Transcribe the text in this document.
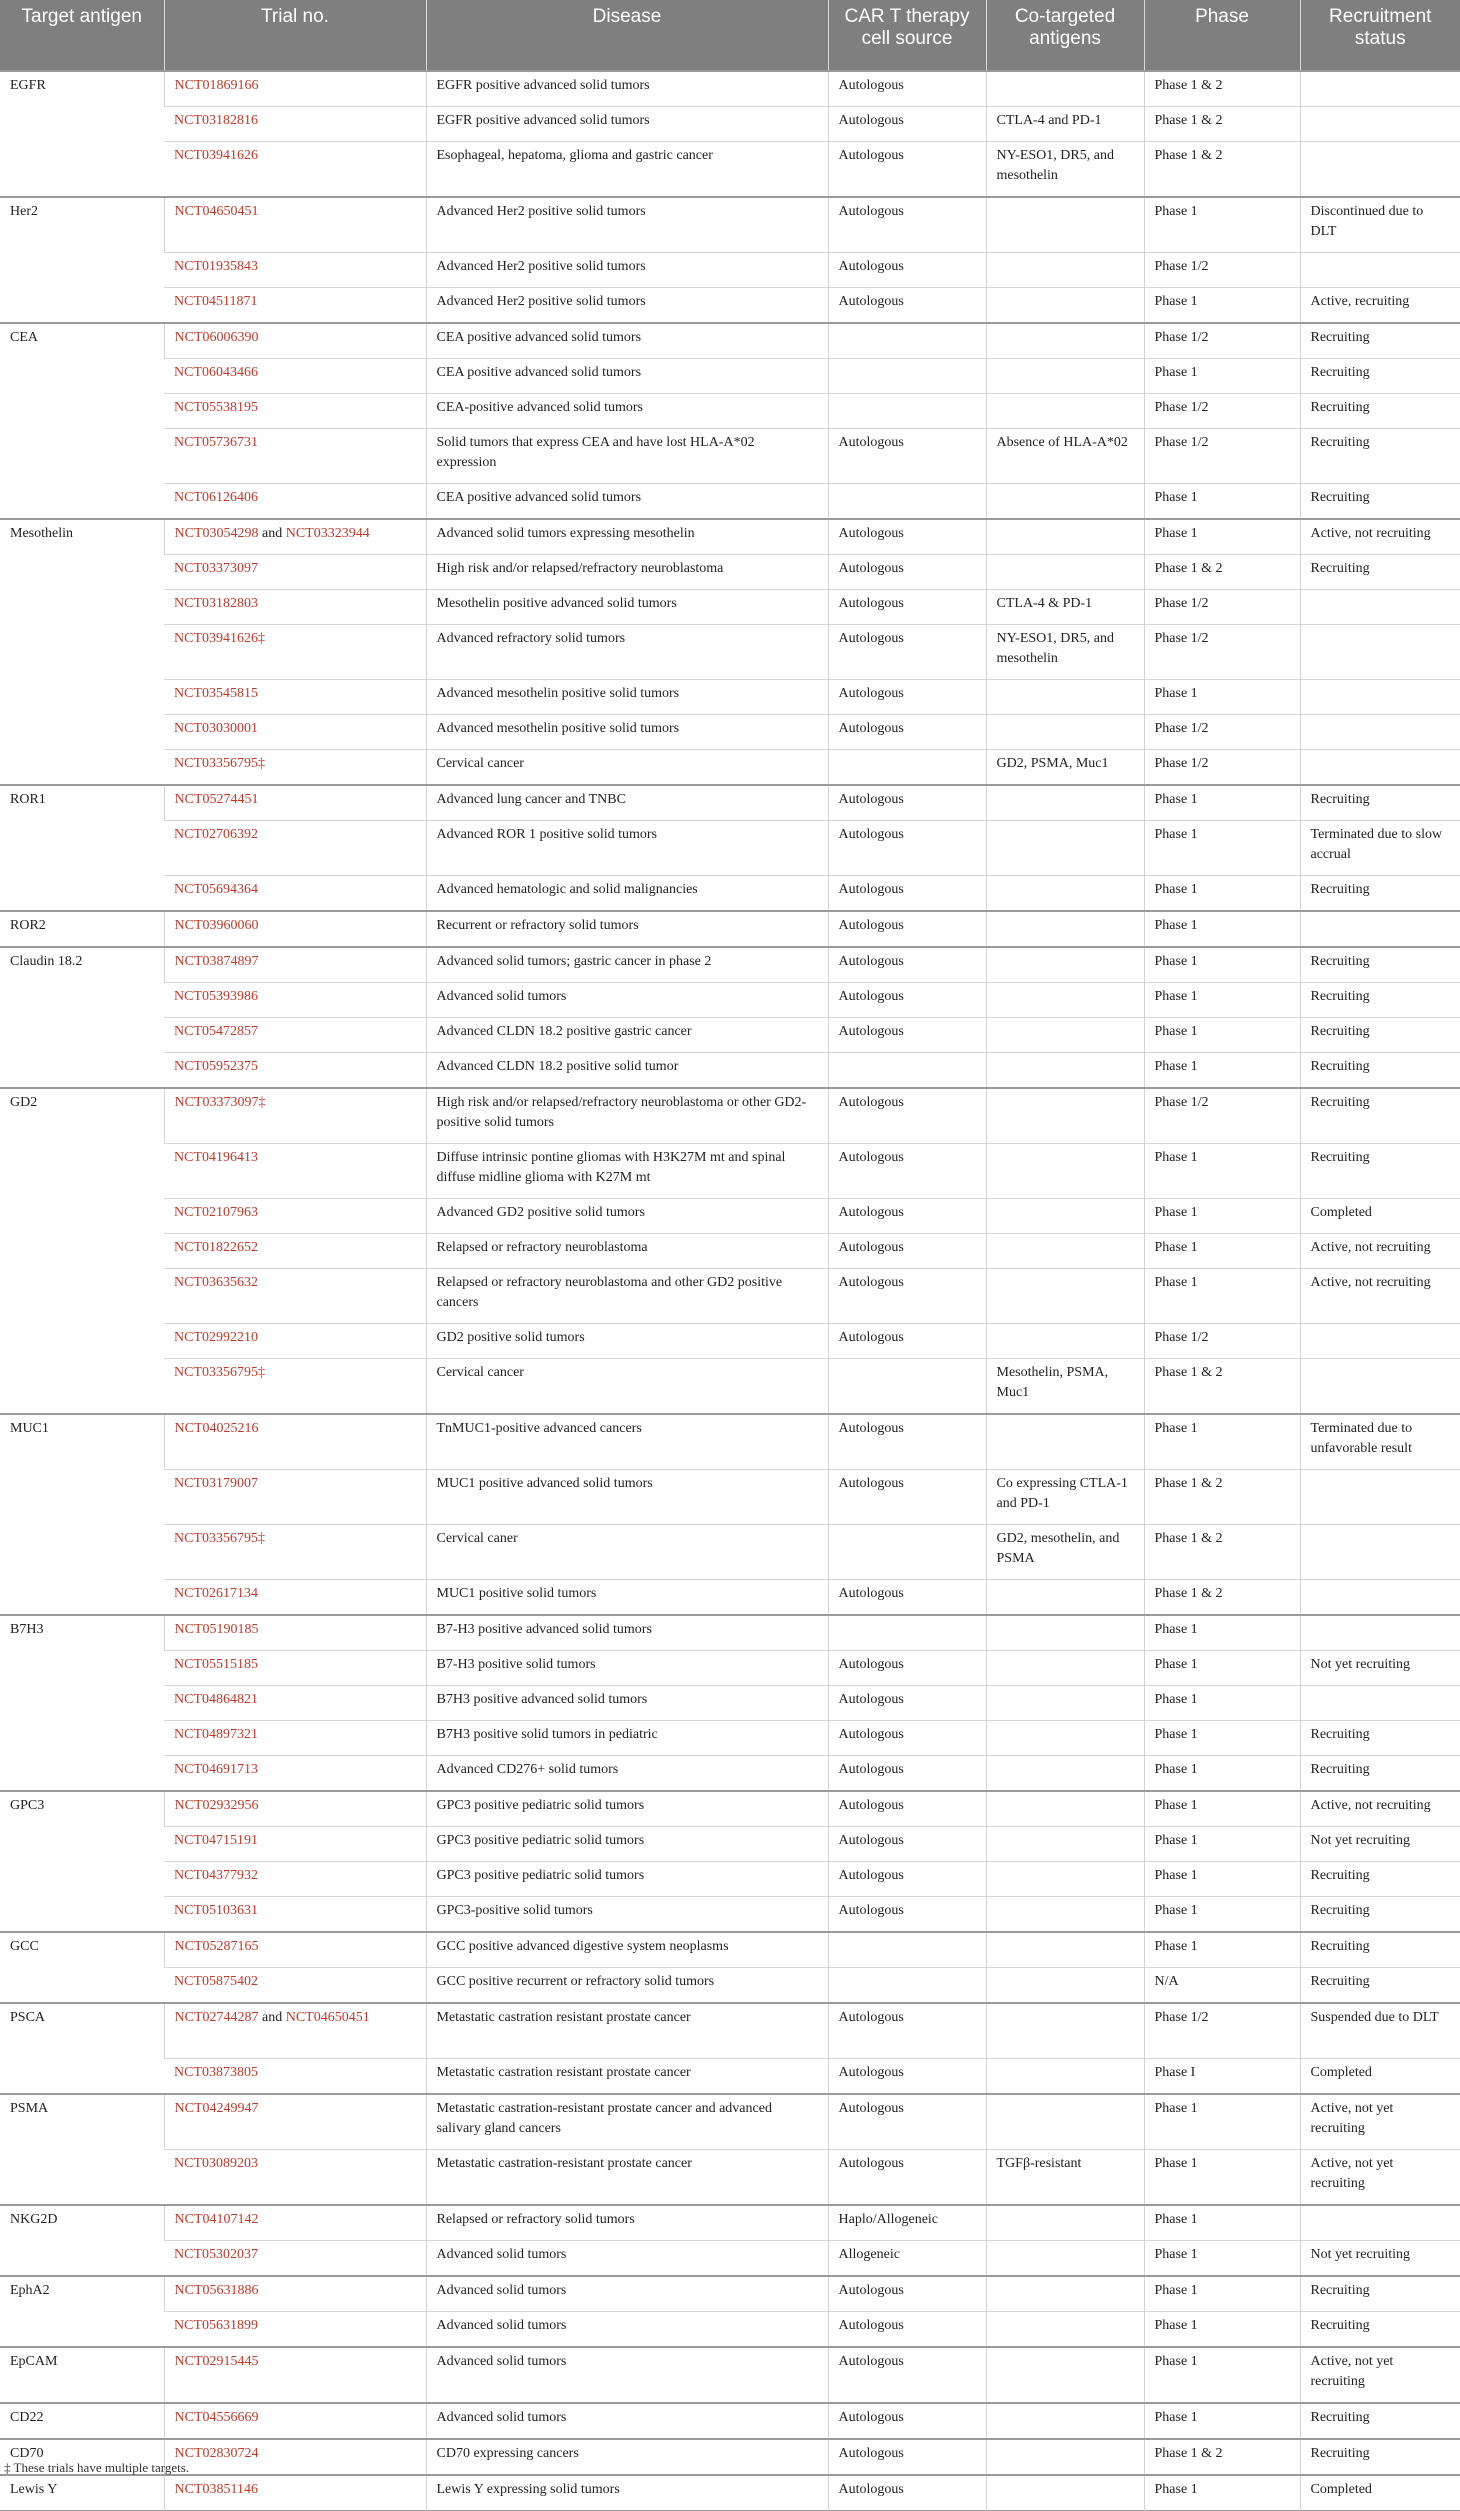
Target antigen	Trial no.	Disease	CAR T therapy cell source	Co-targeted antigens	Phase	Recruitment status
EGFR	NCT01869166	EGFR positive advanced solid tumors	Autologous		Phase 1 & 2	
	NCT03182816	EGFR positive advanced solid tumors	Autologous	CTLA-4 and PD-1	Phase 1 & 2	
	NCT03941626	Esophageal, hepatoma, glioma and gastric cancer	Autologous	NY-ESO1, DR5, and mesothelin	Phase 1 & 2	
Her2	NCT04650451	Advanced Her2 positive solid tumors	Autologous		Phase 1	Discontinued due to DLT
	NCT01935843	Advanced Her2 positive solid tumors	Autologous		Phase 1/2	
	NCT04511871	Advanced Her2 positive solid tumors	Autologous		Phase 1	Active, recruiting
CEA	NCT06006390	CEA positive advanced solid tumors			Phase 1/2	Recruiting
	NCT06043466	CEA positive advanced solid tumors			Phase 1	Recruiting
	NCT05538195	CEA-positive advanced solid tumors			Phase 1/2	Recruiting
	NCT05736731	Solid tumors that express CEA and have lost HLA-A*02 expression	Autologous	Absence of HLA-A*02	Phase 1/2	Recruiting
	NCT06126406	CEA positive advanced solid tumors			Phase 1	Recruiting
Mesothelin	NCT03054298 and NCT03323944	Advanced solid tumors expressing mesothelin	Autologous		Phase 1	Active, not recruiting
	NCT03373097	High risk and/or relapsed/refractory neuroblastoma	Autologous		Phase 1 & 2	Recruiting
	NCT03182803	Mesothelin positive advanced solid tumors	Autologous	CTLA-4 & PD-1	Phase 1/2	
	NCT03941626‡	Advanced refractory solid tumors	Autologous	NY-ESO1, DR5, and mesothelin	Phase 1/2	
	NCT03545815	Advanced mesothelin positive solid tumors	Autologous		Phase 1	
	NCT03030001	Advanced mesothelin positive solid tumors	Autologous		Phase 1/2	
	NCT03356795‡	Cervical cancer		GD2, PSMA, Muc1	Phase 1/2	
ROR1	NCT05274451	Advanced lung cancer and TNBC	Autologous		Phase 1	Recruiting
	NCT02706392	Advanced ROR 1 positive solid tumors	Autologous		Phase 1	Terminated due to slow accrual
	NCT05694364	Advanced hematologic and solid malignancies	Autologous		Phase 1	Recruiting
ROR2	NCT03960060	Recurrent or refractory solid tumors	Autologous		Phase 1	
Claudin 18.2	NCT03874897	Advanced solid tumors; gastric cancer in phase 2	Autologous		Phase 1	Recruiting
	NCT05393986	Advanced solid tumors	Autologous		Phase 1	Recruiting
	NCT05472857	Advanced CLDN 18.2 positive gastric cancer	Autologous		Phase 1	Recruiting
	NCT05952375	Advanced CLDN 18.2 positive solid tumor			Phase 1	Recruiting
GD2	NCT03373097‡	High risk and/or relapsed/refractory neuroblastoma or other GD2-positive solid tumors	Autologous		Phase 1/2	Recruiting
	NCT04196413	Diffuse intrinsic pontine gliomas with H3K27M mt and spinal diffuse midline glioma with K27M mt	Autologous		Phase 1	Recruiting
	NCT02107963	Advanced GD2 positive solid tumors	Autologous		Phase 1	Completed
	NCT01822652	Relapsed or refractory neuroblastoma	Autologous		Phase 1	Active, not recruiting
	NCT03635632	Relapsed or refractory neuroblastoma and other GD2 positive cancers	Autologous		Phase 1	Active, not recruiting
	NCT02992210	GD2 positive solid tumors	Autologous		Phase 1/2	
	NCT03356795‡	Cervical cancer		Mesothelin, PSMA, Muc1	Phase 1 & 2	
MUC1	NCT04025216	TnMUC1-positive advanced cancers	Autologous		Phase 1	Terminated due to unfavorable result
	NCT03179007	MUC1 positive advanced solid tumors	Autologous	Co expressing CTLA-1 and PD-1	Phase 1 & 2	
	NCT03356795‡	Cervical caner		GD2, mesothelin, and PSMA	Phase 1 & 2	
	NCT02617134	MUC1 positive solid tumors	Autologous		Phase 1 & 2	
B7H3	NCT05190185	B7-H3 positive advanced solid tumors			Phase 1	
	NCT05515185	B7-H3 positive solid tumors	Autologous		Phase 1	Not yet recruiting
	NCT04864821	B7H3 positive advanced solid tumors	Autologous		Phase 1	
	NCT04897321	B7H3 positive solid tumors in pediatric	Autologous		Phase 1	Recruiting
	NCT04691713	Advanced CD276+ solid tumors	Autologous		Phase 1	Recruiting
GPC3	NCT02932956	GPC3 positive pediatric solid tumors	Autologous		Phase 1	Active, not recruiting
	NCT04715191	GPC3 positive pediatric solid tumors	Autologous		Phase 1	Not yet recruiting
	NCT04377932	GPC3 positive pediatric solid tumors	Autologous		Phase 1	Recruiting
	NCT05103631	GPC3-positive solid tumors	Autologous		Phase 1	Recruiting
GCC	NCT05287165	GCC positive advanced digestive system neoplasms			Phase 1	Recruiting
	NCT05875402	GCC positive recurrent or refractory solid tumors			N/A	Recruiting
PSCA	NCT02744287 and NCT04650451	Metastatic castration resistant prostate cancer	Autologous		Phase 1/2	Suspended due to DLT
	NCT03873805	Metastatic castration resistant prostate cancer	Autologous		Phase I	Completed
PSMA	NCT04249947	Metastatic castration-resistant prostate cancer and advanced salivary gland cancers	Autologous		Phase 1	Active, not yet recruiting
	NCT03089203	Metastatic castration-resistant prostate cancer	Autologous	TGFβ-resistant	Phase 1	Active, not yet recruiting
NKG2D	NCT04107142	Relapsed or refractory solid tumors	Haplo/Allogeneic		Phase 1	
	NCT05302037	Advanced solid tumors	Allogeneic		Phase 1	Not yet recruiting
EphA2	NCT05631886	Advanced solid tumors	Autologous		Phase 1	Recruiting
	NCT05631899	Advanced solid tumors	Autologous		Phase 1	Recruiting
EpCAM	NCT02915445	Advanced solid tumors	Autologous		Phase 1	Active, not yet recruiting
CD22	NCT04556669	Advanced solid tumors	Autologous		Phase 1	Recruiting
CD70	NCT02830724	CD70 expressing cancers	Autologous		Phase 1 & 2	Recruiting
Lewis Y	NCT03851146	Lewis Y expressing solid tumors	Autologous		Phase 1	Completed
‡ These trials have multiple targets.
